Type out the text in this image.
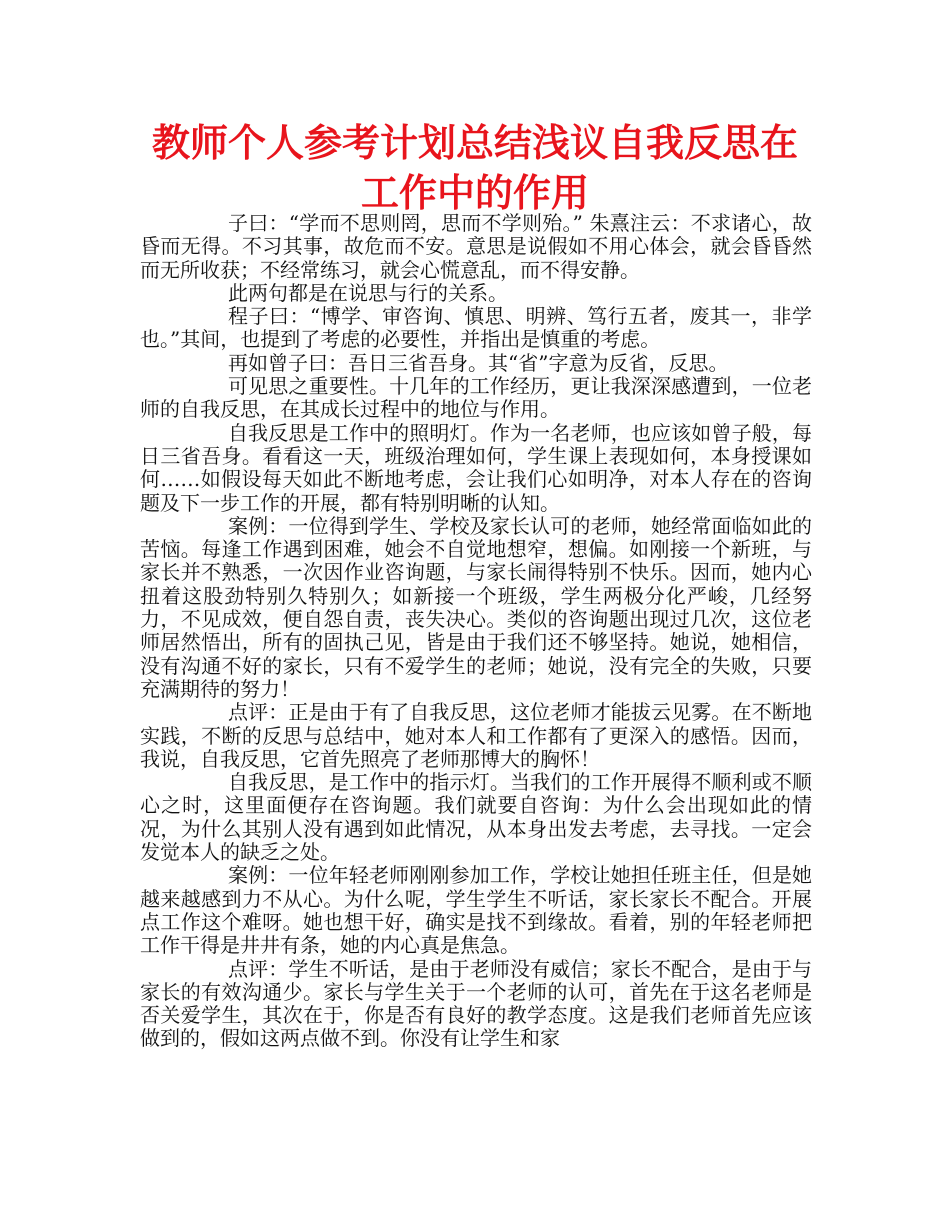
教师个人参考计划总结浅议自我反思在工作中的作用

子曰：“学而不思则罔，思而不学则殆。” 朱熹注云：不求诸心，故昏而无得。不习其事，故危而不安。意思是说假如不用心体会，就会昏昏然而无所收获；不经常练习，就会心慌意乱，而不得安静。

此两句都是在说思与行的关系。

程子曰：“博学、审咨询、慎思、明辨、笃行五者，废其一，非学也。”其间，也提到了考虑的必要性，并指出是慎重的考虑。

再如曾子曰：吾日三省吾身。其“省”字意为反省，反思。

可见思之重要性。十几年的工作经历，更让我深深感遭到，一位老师的自我反思，在其成长过程中的地位与作用。

自我反思是工作中的照明灯。作为一名老师，也应该如曾子般，每日三省吾身。看看这一天，班级治理如何，学生课上表现如何，本身授课如何……如假设每天如此不断地考虑，会让我们心如明净，对本人存在的咨询题及下一步工作的开展，都有特别明晰的认知。

案例：一位得到学生、学校及家长认可的老师，她经常面临如此的苦恼。每逢工作遇到困难，她会不自觉地想窄，想偏。如刚接一个新班，与家长并不熟悉，一次因作业咨询题，与家长闹得特别不快乐。因而，她内心扭着这股劲特别久特别久；如新接一个班级，学生两极分化严峻，几经努力，不见成效，便自怨自责，丧失决心。类似的咨询题出现过几次，这位老师居然悟出，所有的固执己见，皆是由于我们还不够坚持。她说，她相信，没有沟通不好的家长，只有不爱学生的老师；她说，没有完全的失败，只要充满期待的努力！

点评：正是由于有了自我反思，这位老师才能拔云见雾。在不断地实践，不断的反思与总结中，她对本人和工作都有了更深入的感悟。因而，我说，自我反思，它首先照亮了老师那博大的胸怀！

自我反思，是工作中的指示灯。当我们的工作开展得不顺利或不顺心之时，这里面便存在咨询题。我们就要自咨询：为什么会出现如此的情况，为什么其别人没有遇到如此情况，从本身出发去考虑，去寻找。一定会发觉本人的缺乏之处。

案例：一位年轻老师刚刚参加工作，学校让她担任班主任，但是她越来越感到力不从心。为什么呢，学生学生不听话，家长家长不配合。开展点工作这个难呀。她也想干好，确实是找不到缘故。看着，别的年轻老师把工作干得是井井有条，她的内心真是焦急。

点评：学生不听话，是由于老师没有威信；家长不配合，是由于与家长的有效沟通少。家长与学生关于一个老师的认可，首先在于这名老师是否关爱学生，其次在于，你是否有良好的教学态度。这是我们老师首先应该做到的，假如这两点做不到。你没有让学生和家
